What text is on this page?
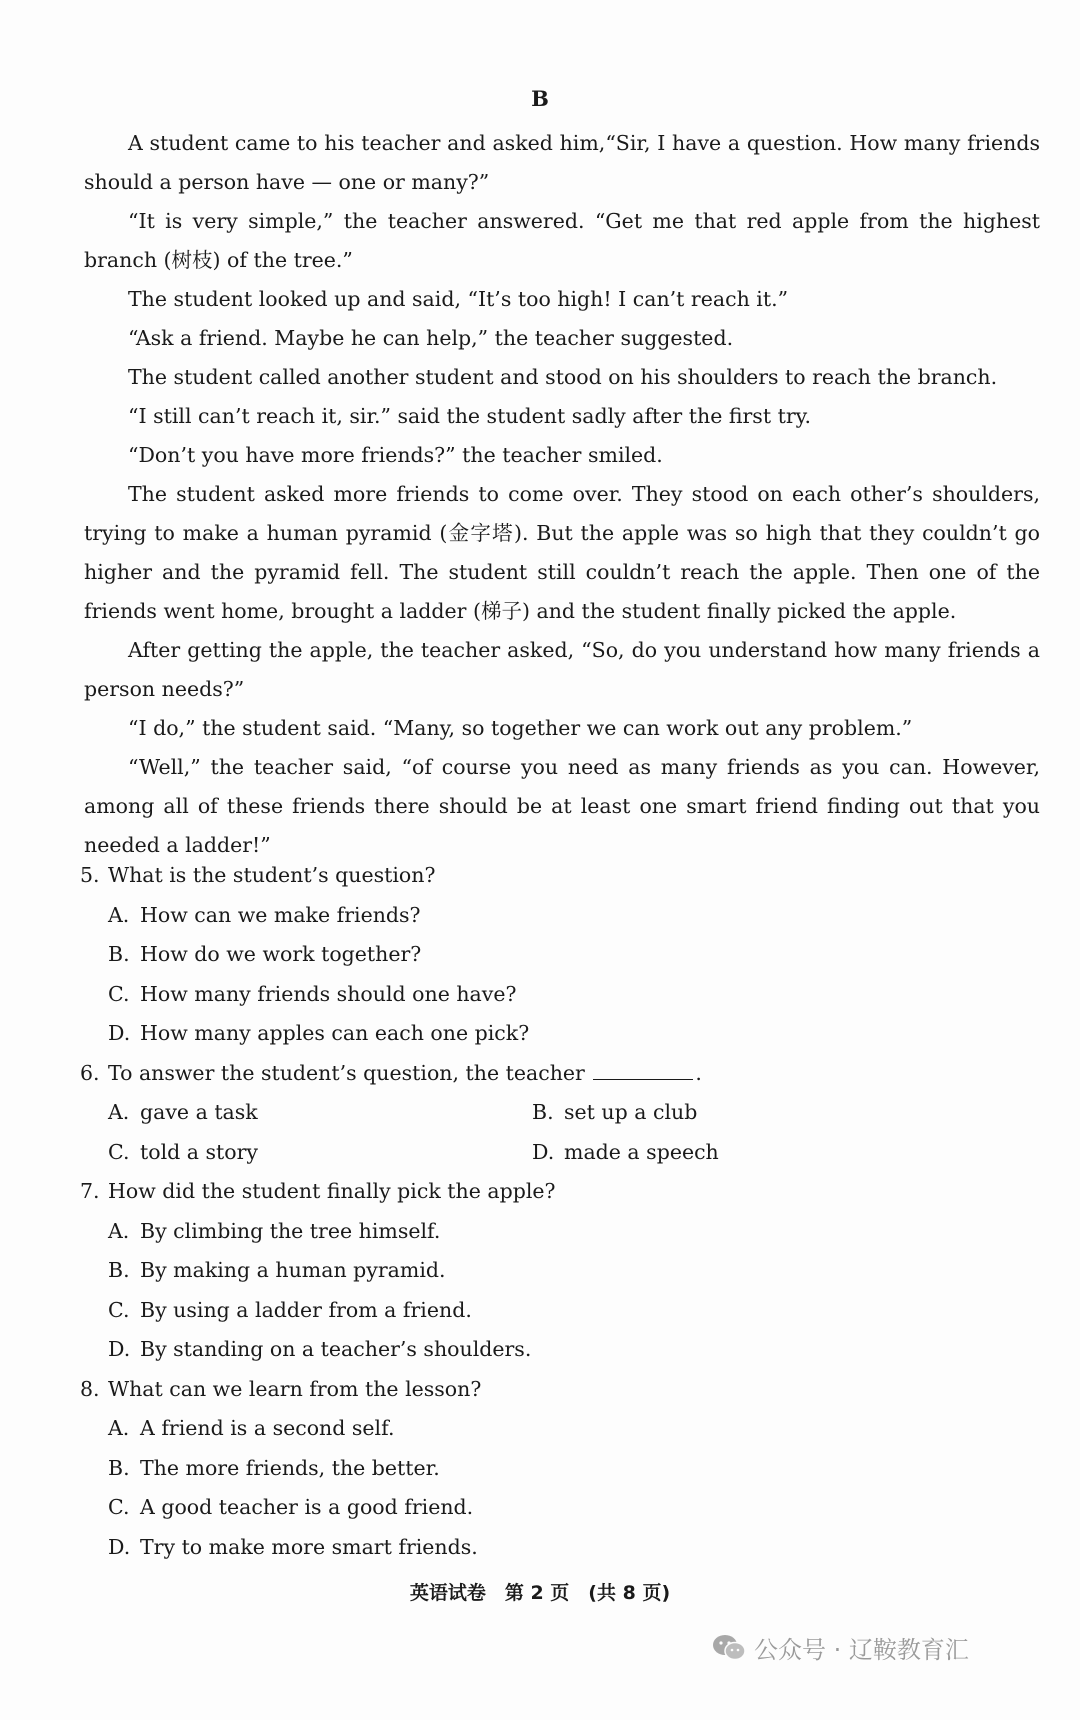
B

A student came to his teacher and asked him,“Sir, I have a question. How many friends should a person have — one or many?”

“It is very simple,” the teacher answered. “Get me that red apple from the highest branch (树枝) of the tree.”

The student looked up and said, “It’s too high! I can’t reach it.”

“Ask a friend. Maybe he can help,” the teacher suggested.

The student called another student and stood on his shoulders to reach the branch.

“I still can’t reach it, sir.” said the student sadly after the first try.

“Don’t you have more friends?” the teacher smiled.

The student asked more friends to come over. They stood on each other’s shoulders, trying to make a human pyramid (金字塔). But the apple was so high that they couldn’t go higher and the pyramid fell. The student still couldn’t reach the apple. Then one of the friends went home, brought a ladder (梯子) and the student finally picked the apple.

After getting the apple, the teacher asked, “So, do you understand how many friends a person needs?”

“I do,” the student said. “Many, so together we can work out any problem.”

“Well,” the teacher said, “of course you need as many friends as you can. However, among all of these friends there should be at least one smart friend finding out that you needed a ladder!”

5. What is the student’s question?

A. How can we make friends?

B. How do we work together?

C. How many friends should one have?

D. How many apples can each one pick?

6. To answer the student’s question, the teacher	.

A. gave a task	B. set up a club
C. told a story	D. made a speech

7. How did the student finally pick the apple?

A. By climbing the tree himself.

B. By making a human pyramid.

C. By using a ladder from a friend.

D. By standing on a teacher’s shoulders.

8. What can we learn from the lesson?

A. A friend is a second self.

B. The more friends, the better.

C. A good teacher is a good friend.

D. Try to make more smart friends.

英语试卷　第 2 页　(共 8 页)
公众号 · 辽鞍教育汇
